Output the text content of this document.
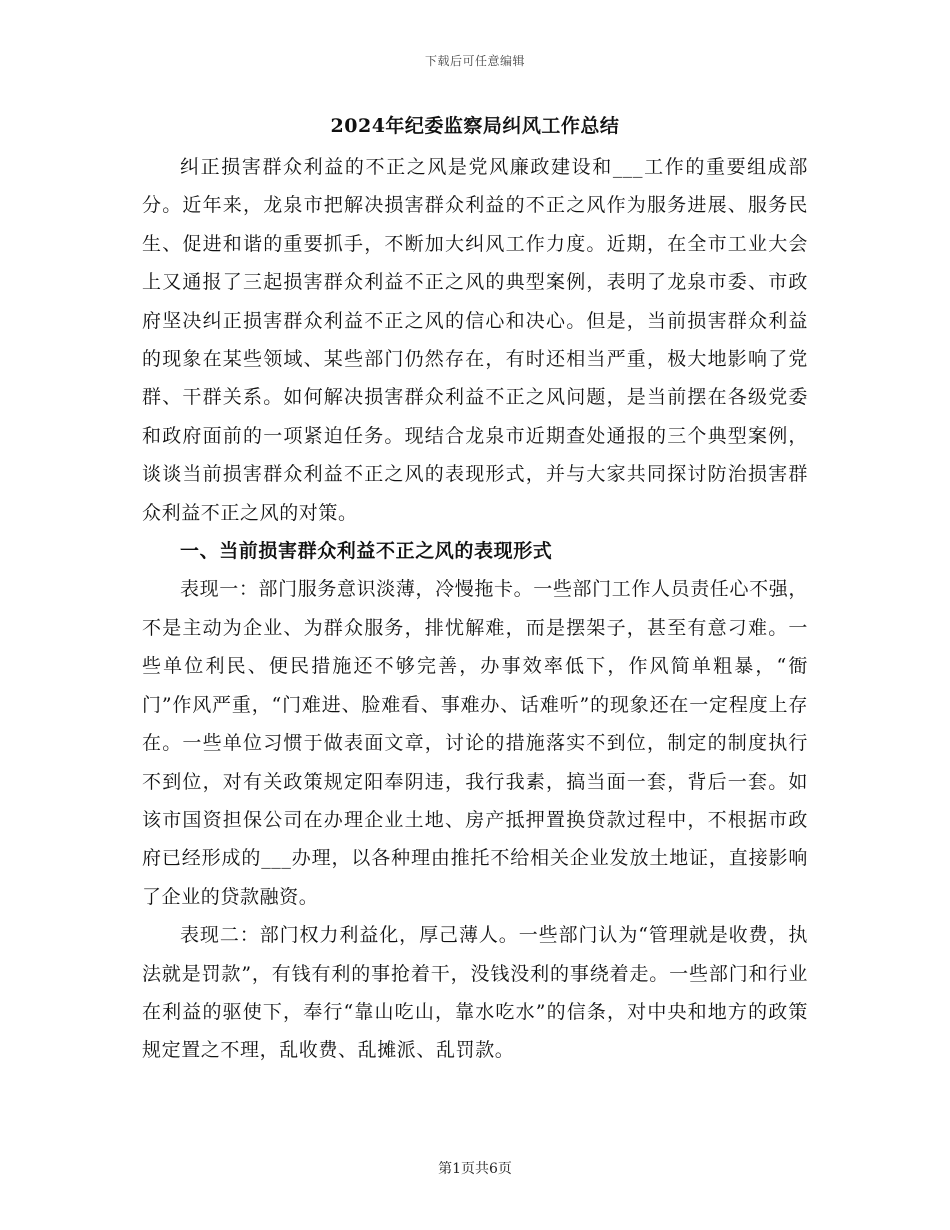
下载后可任意编辑
2024年纪委监察局纠风工作总结

纠正损害群众利益的不正之风是党风廉政建设和___工作的重要组成部分。近年来，龙泉市把解决损害群众利益的不正之风作为服务进展、服务民生、促进和谐的重要抓手，不断加大纠风工作力度。近期，在全市工业大会上又通报了三起损害群众利益不正之风的典型案例，表明了龙泉市委、市政府坚决纠正损害群众利益不正之风的信心和决心。但是，当前损害群众利益的现象在某些领域、某些部门仍然存在，有时还相当严重，极大地影响了党群、干群关系。如何解决损害群众利益不正之风问题，是当前摆在各级党委和政府面前的一项紧迫任务。现结合龙泉市近期查处通报的三个典型案例，谈谈当前损害群众利益不正之风的表现形式，并与大家共同探讨防治损害群众利益不正之风的对策。

一、当前损害群众利益不正之风的表现形式

表现一：部门服务意识淡薄，冷慢拖卡。一些部门工作人员责任心不强，不是主动为企业、为群众服务，排忧解难，而是摆架子，甚至有意刁难。一些单位利民、便民措施还不够完善，办事效率低下，作风简单粗暴，“衙门”作风严重，“门难进、脸难看、事难办、话难听”的现象还在一定程度上存在。一些单位习惯于做表面文章，讨论的措施落实不到位，制定的制度执行不到位，对有关政策规定阳奉阴违，我行我素，搞当面一套，背后一套。如该市国资担保公司在办理企业土地、房产抵押置换贷款过程中，不根据市政府已经形成的___办理，以各种理由推托不给相关企业发放土地证，直接影响了企业的贷款融资。

表现二：部门权力利益化，厚己薄人。一些部门认为“管理就是收费，执法就是罚款”，有钱有利的事抢着干，没钱没利的事绕着走。一些部门和行业在利益的驱使下，奉行“靠山吃山，靠水吃水”的信条，对中央和地方的政策规定置之不理，乱收费、乱摊派、乱罚款。

第1页共6页
